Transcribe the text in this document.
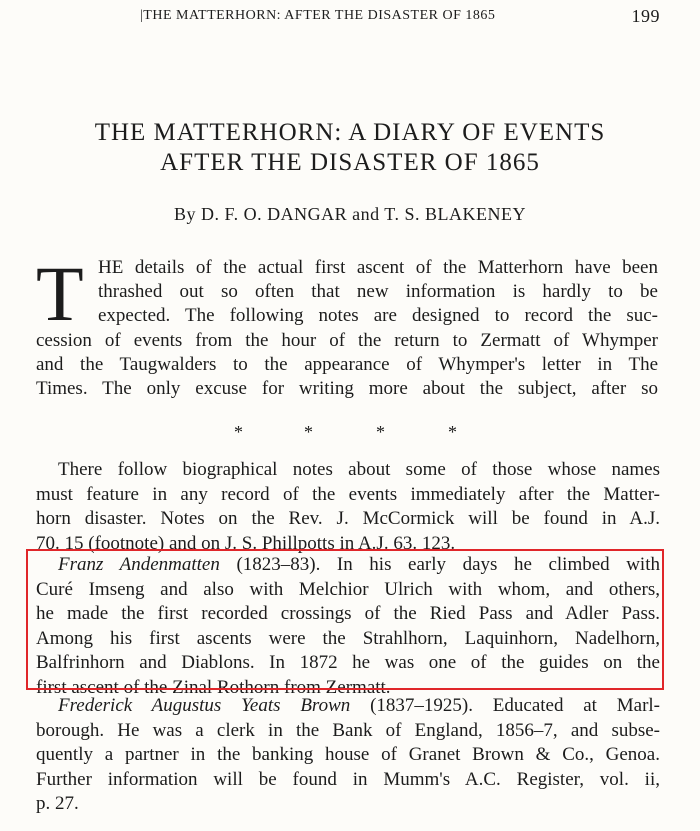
|THE MATTERHORN: AFTER THE DISASTER OF 1865	199
THE MATTERHORN: A DIARY OF EVENTS
AFTER THE DISASTER OF 1865
By D. F. O. DANGAR and T. S. BLAKENEY
T HE details of the actual first ascent of the Matterhorn have been
thrashed out so often that new information is hardly to be
expected. The following notes are designed to record the suc-
cession of events from the hour of the return to Zermatt of Whymper
and the Taugwalders to the appearance of Whymper's letter in The
Times. The only excuse for writing more about the subject, after so
*	*	*	*
There follow biographical notes about some of those whose names
must feature in any record of the events immediately after the Matter-
horn disaster. Notes on the Rev. J. McCormick will be found in A.J.
70. 15 (footnote) and on J. S. Phillpotts in A.J. 63. 123.
Franz Andenmatten (1823–83). In his early days he climbed with
Curé Imseng and also with Melchior Ulrich with whom, and others,
he made the first recorded crossings of the Ried Pass and Adler Pass.
Among his first ascents were the Strahlhorn, Laquinhorn, Nadelhorn,
Balfrinhorn and Diablons. In 1872 he was one of the guides on the
first ascent of the Zinal Rothorn from Zermatt.
Frederick Augustus Yeats Brown (1837–1925). Educated at Marl-
borough. He was a clerk in the Bank of England, 1856–7, and subse-
quently a partner in the banking house of Granet Brown & Co., Genoa.
Further information will be found in Mumm's A.C. Register, vol. ii,
p. 27.
